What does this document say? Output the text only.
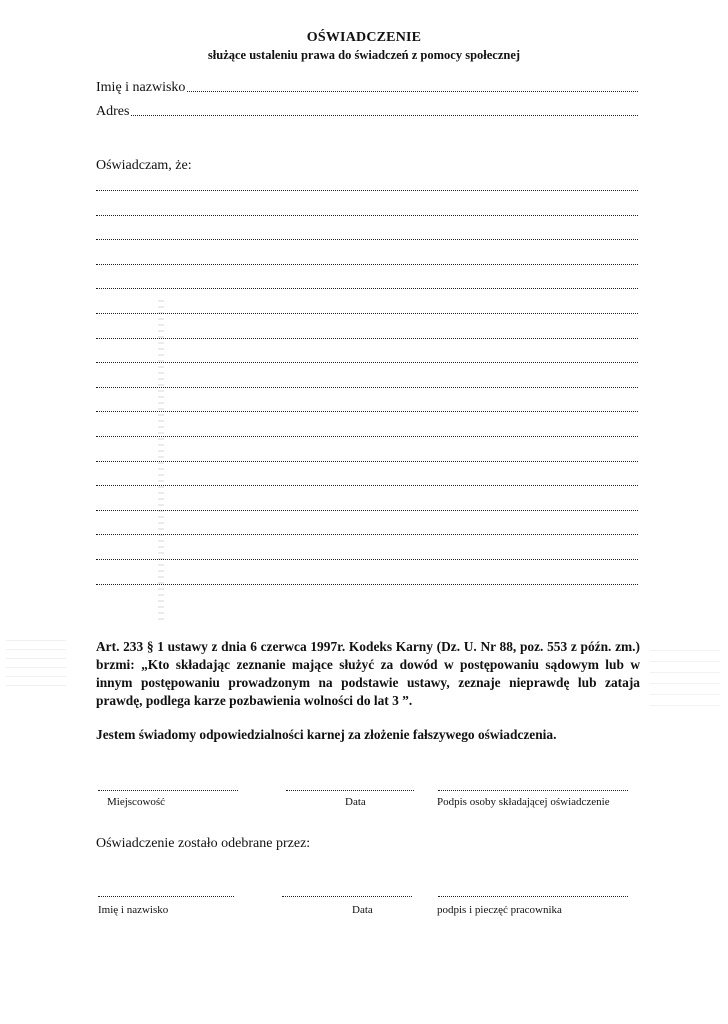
OŚWIADCZENIE
służące ustaleniu prawa do świadczeń z pomocy społecznej
Imię i nazwisko
Adres
Oświadczam, że:
Art. 233 § 1 ustawy z dnia 6 czerwca 1997r. Kodeks Karny (Dz. U. Nr 88, poz. 553 z późn. zm.) brzmi: „Kto składając zeznanie mające służyć za dowód w postępowaniu sądowym lub w innym postępowaniu prowadzonym na podstawie ustawy, zeznaje nieprawdę lub zataja prawdę, podlega karze pozbawienia wolności do lat 3 ”.
Jestem świadomy odpowiedzialności karnej za złożenie fałszywego oświadczenia.
Miejscowość	Data	Podpis osoby składającej oświadczenie
Oświadczenie zostało odebrane przez:
Imię i nazwisko	Data	podpis i pieczęć pracownika
